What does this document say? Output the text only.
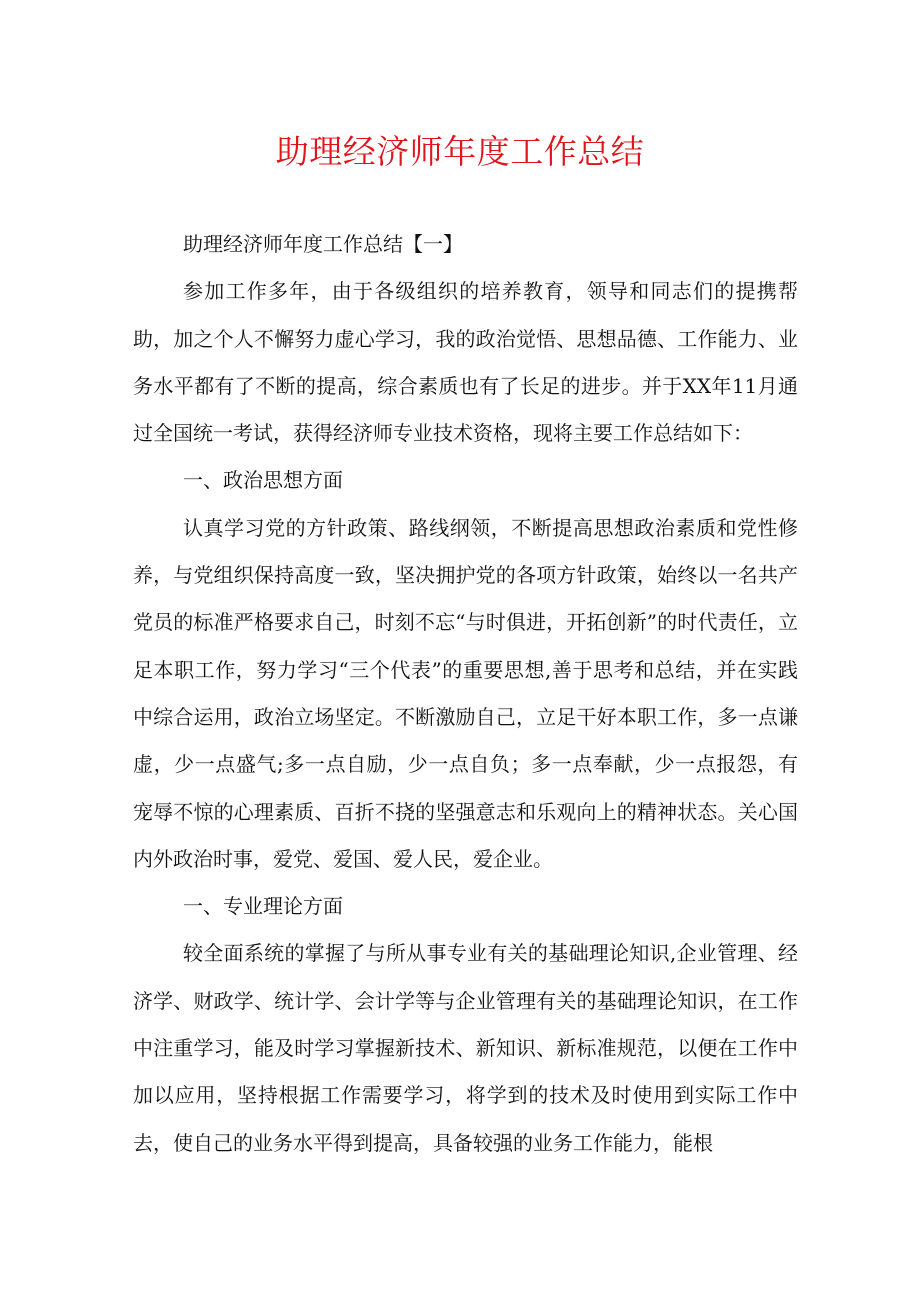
助理经济师年度工作总结

助理经济师年度工作总结【一】

参加工作多年，由于各级组织的培养教育，领导和同志们的提携帮助，加之个人不懈努力虚心学习，我的政治觉悟、思想品德、工作能力、业务水平都有了不断的提高，综合素质也有了长足的进步。并于XX年11月通过全国统一考试，获得经济师专业技术资格，现将主要工作总结如下：

一、政治思想方面

认真学习党的方针政策、路线纲领，不断提高思想政治素质和党性修养，与党组织保持高度一致，坚决拥护党的各项方针政策，始终以一名共产党员的标准严格要求自己，时刻不忘“与时俱进，开拓创新”的时代责任，立足本职工作，努力学习“三个代表”的重要思想,善于思考和总结，并在实践中综合运用，政治立场坚定。不断激励自己，立足干好本职工作，多一点谦虚，少一点盛气;多一点自励，少一点自负；多一点奉献，少一点报怨，有宠辱不惊的心理素质、百折不挠的坚强意志和乐观向上的精神状态。关心国内外政治时事，爱党、爱国、爱人民，爱企业。

一、专业理论方面

较全面系统的掌握了与所从事专业有关的基础理论知识,企业管理、经济学、财政学、统计学、会计学等与企业管理有关的基础理论知识，在工作中注重学习，能及时学习掌握新技术、新知识、新标准规范，以便在工作中加以应用，坚持根据工作需要学习，将学到的技术及时使用到实际工作中去，使自己的业务水平得到提高，具备较强的业务工作能力，能根
